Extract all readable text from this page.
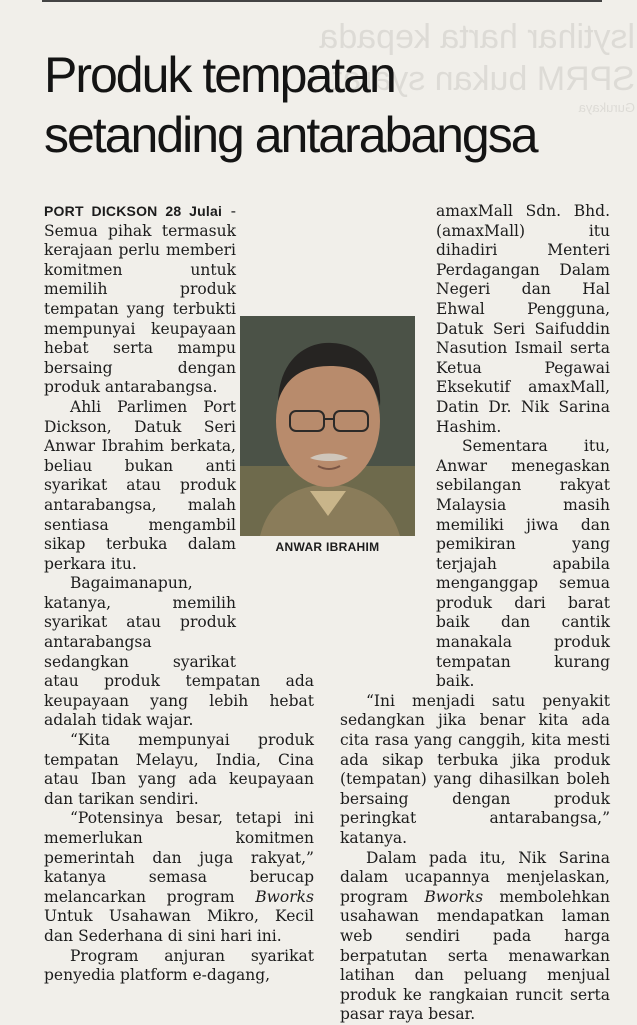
lsytihar harta kepada
SPRM bukan syarat
Gurukaya
Produk tempatan
setanding antarabangsa

PORT DICKSON 28 Julai - Semua pihak termasuk kerajaan perlu memberi komitmen untuk memilih produk tempatan yang terbukti mempunyai keupayaan hebat serta mampu bersaing dengan produk antarabangsa.

Ahli Parlimen Port Dickson, Datuk Seri Anwar Ibrahim berkata, beliau bukan anti syarikat atau produk antarabangsa, malah sentiasa mengambil sikap terbuka dalam perkara itu.

Bagaimanapun, katanya, memilih syarikat atau produk antarabangsa sedangkan syarikat atau produk tempatan ada keupayaan yang lebih hebat adalah tidak wajar.

“Kita mempunyai produk tempatan Melayu, India, Cina atau Iban yang ada keupayaan dan tarikan sendiri.

“Potensinya besar, tetapi ini memerlukan komitmen pemerintah dan juga rakyat,” katanya semasa berucap melancarkan program Bworks Untuk Usahawan Mikro, Kecil dan Sederhana di sini hari ini.

Program anjuran syarikat penyedia platform e-dagang,

amaxMall Sdn. Bhd. (amaxMall) itu dihadiri Menteri Perdagangan Dalam Negeri dan Hal Ehwal Pengguna, Datuk Seri Saifuddin Nasution Ismail serta Ketua Pegawai Eksekutif amaxMall, Datin Dr. Nik Sarina Hashim.

Sementara itu, Anwar menegaskan sebilangan rakyat Malaysia masih memiliki jiwa dan pemikiran yang terjajah apabila menganggap semua produk dari barat baik dan cantik manakala produk tempatan kurang baik.

“Ini menjadi satu penyakit sedangkan jika benar kita ada cita rasa yang canggih, kita mesti ada sikap terbuka jika produk (tempatan) yang dihasilkan boleh bersaing dengan produk peringkat antarabangsa,” katanya.

Dalam pada itu, Nik Sarina dalam ucapannya menjelaskan, program Bworks membolehkan usahawan mendapatkan laman web sendiri pada harga berpatutan serta menawarkan latihan dan peluang menjual produk ke rangkaian runcit serta pasar raya besar.

ANWAR IBRAHIM
